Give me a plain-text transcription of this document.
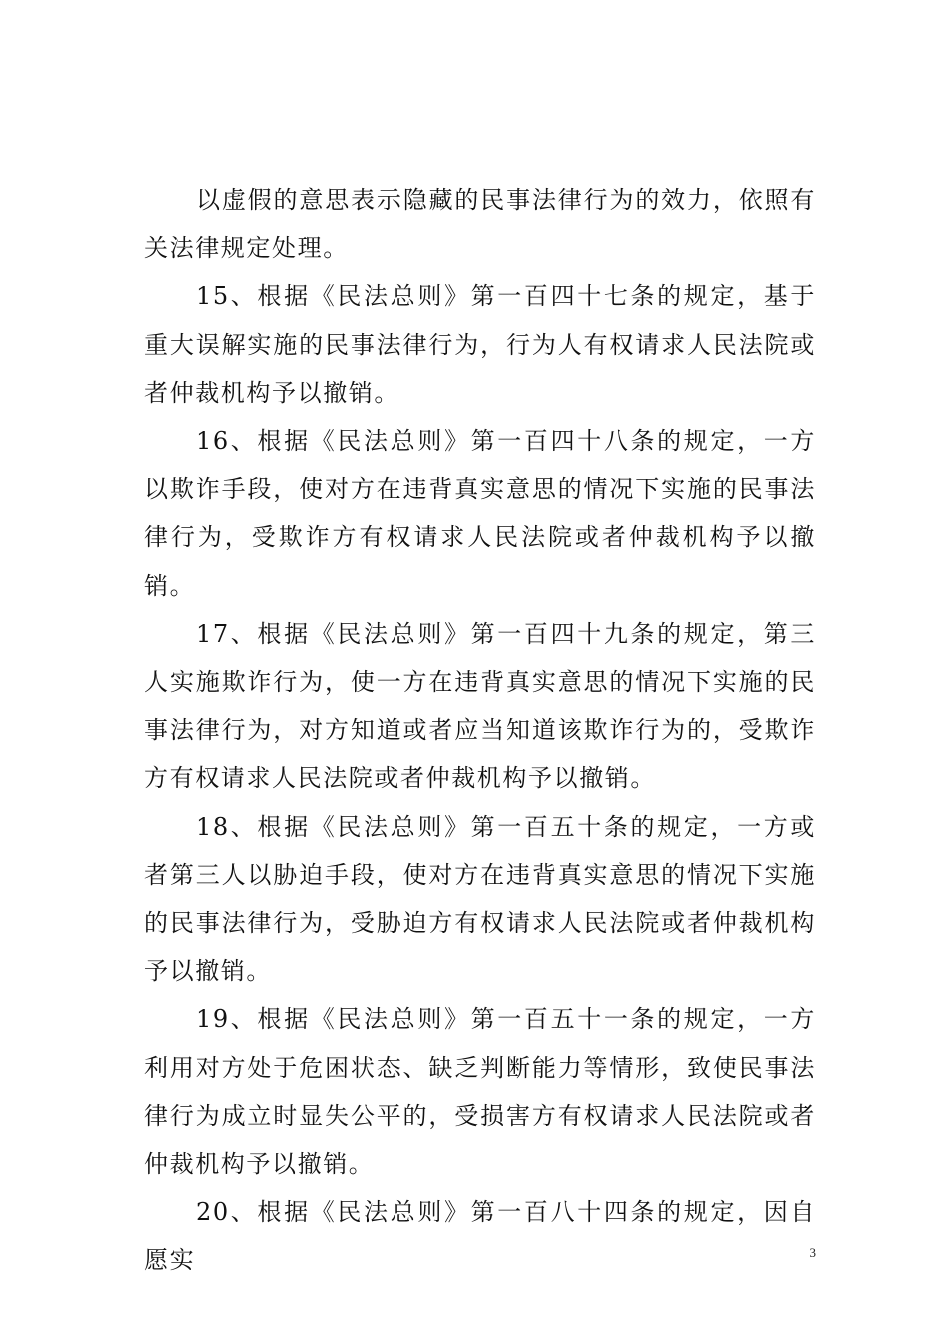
以虚假的意思表示隐藏的民事法律行为的效力，依照有关法律规定处理。

15、根据《民法总则》第一百四十七条的规定，基于重大误解实施的民事法律行为，行为人有权请求人民法院或者仲裁机构予以撤销。

16、根据《民法总则》第一百四十八条的规定，一方以欺诈手段，使对方在违背真实意思的情况下实施的民事法律行为，受欺诈方有权请求人民法院或者仲裁机构予以撤销。

17、根据《民法总则》第一百四十九条的规定，第三人实施欺诈行为，使一方在违背真实意思的情况下实施的民事法律行为，对方知道或者应当知道该欺诈行为的，受欺诈方有权请求人民法院或者仲裁机构予以撤销。

18、根据《民法总则》第一百五十条的规定，一方或者第三人以胁迫手段，使对方在违背真实意思的情况下实施的民事法律行为，受胁迫方有权请求人民法院或者仲裁机构予以撤销。

19、根据《民法总则》第一百五十一条的规定，一方利用对方处于危困状态、缺乏判断能力等情形，致使民事法律行为成立时显失公平的，受损害方有权请求人民法院或者仲裁机构予以撤销。

20、根据《民法总则》第一百八十四条的规定，因自愿实	3
